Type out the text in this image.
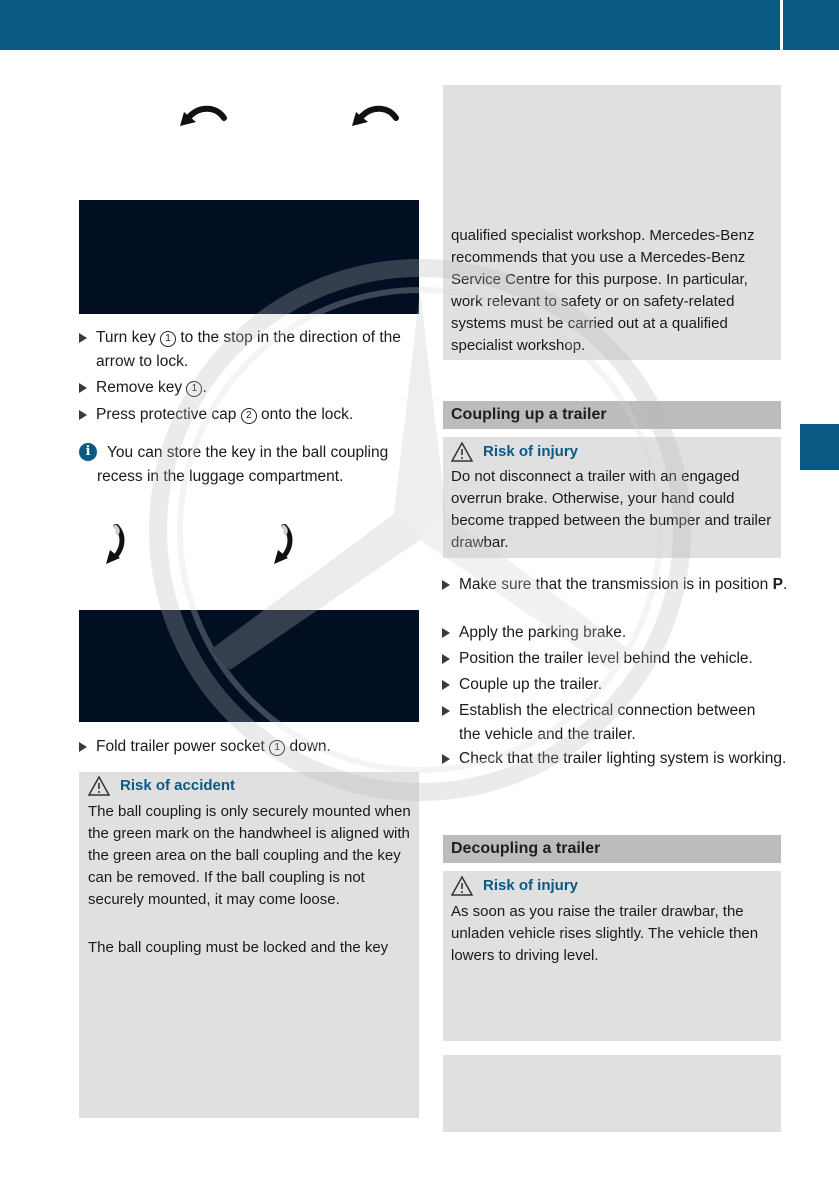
Turn key 1 to the stop in the direction of the arrow to lock.
Remove key 1 .
Press protective cap 2 onto the lock.
i	You can store the key in the ball coupling recess in the luggage compartment.
Fold trailer power socket 1 down.
Risk of accident
The ball coupling is only securely mounted when the green mark on the handwheel is aligned with the green area on the ball coupling and the key can be removed. If the ball coupling is not securely mounted, it may come loose.
The ball coupling must be locked and the key
qualified specialist workshop. Mercedes-Benz recommends that you use a Mercedes-Benz Service Centre for this purpose. In particular, work relevant to safety or on safety-related systems must be carried out at a qualified specialist workshop.
Coupling up a trailer
Risk of injury
Do not disconnect a trailer with an engaged overrun brake. Otherwise, your hand could become trapped between the bumper and trailer drawbar.
Make sure that the transmission is in position P.
Apply the parking brake.
Position the trailer level behind the vehicle.
Couple up the trailer.
Establish the electrical connection between the vehicle and the trailer.
Check that the trailer lighting system is working.
Decoupling a trailer
Risk of injury
As soon as you raise the trailer drawbar, the unladen vehicle rises slightly. The vehicle then lowers to driving level.
